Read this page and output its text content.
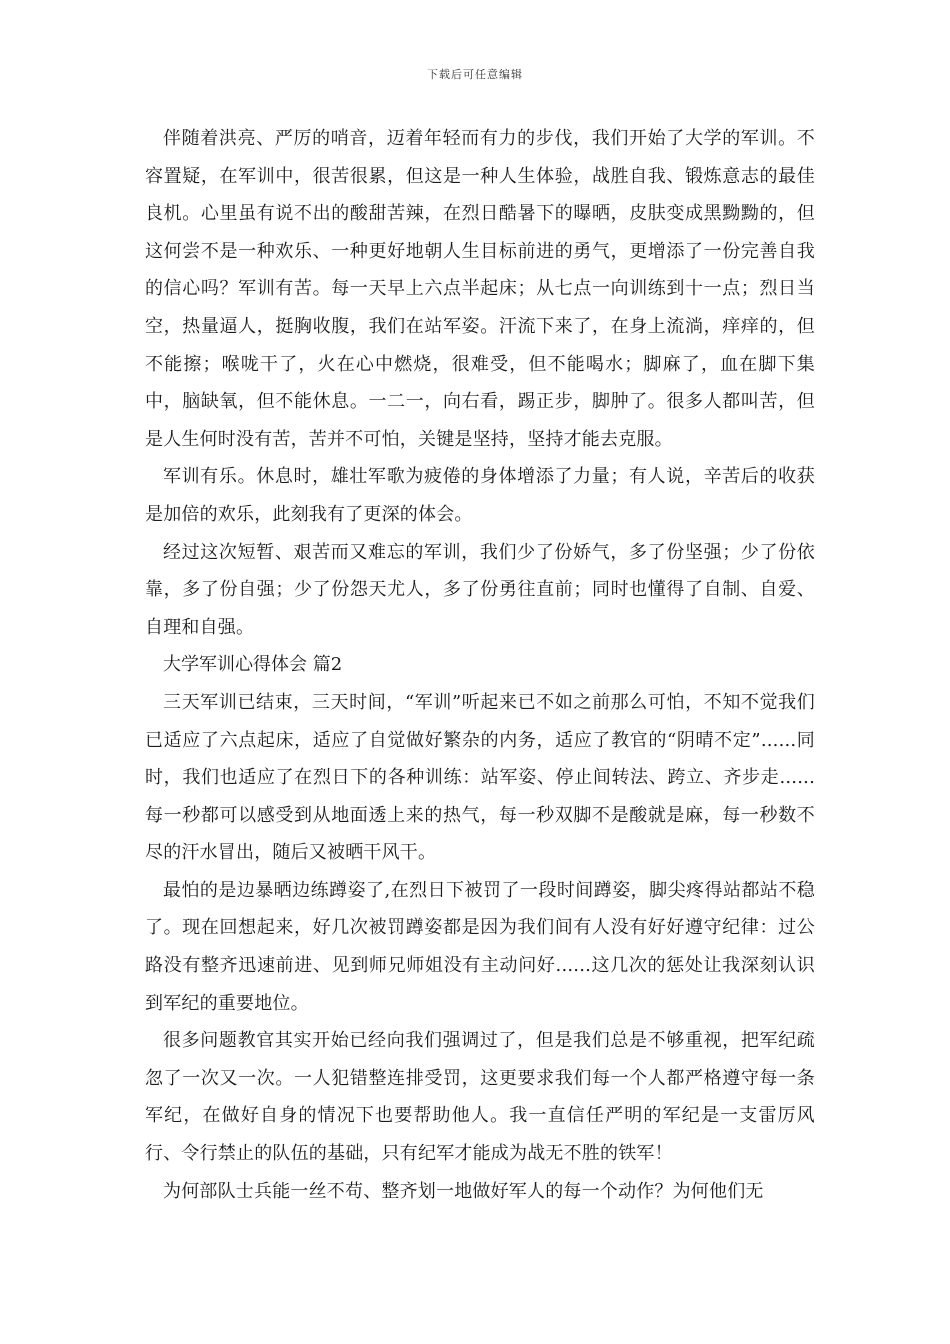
下载后可任意编辑

伴随着洪亮、严厉的哨音，迈着年轻而有力的步伐，我们开始了大学的军训。不容置疑，在军训中，很苦很累，但这是一种人生体验，战胜自我、锻炼意志的最佳良机。心里虽有说不出的酸甜苦辣，在烈日酷暑下的曝晒，皮肤变成黑黝黝的，但这何尝不是一种欢乐、一种更好地朝人生目标前进的勇气，更增添了一份完善自我的信心吗？军训有苦。每一天早上六点半起床；从七点一向训练到十一点；烈日当空，热量逼人，挺胸收腹，我们在站军姿。汗流下来了，在身上流淌，痒痒的，但不能擦；喉咙干了，火在心中燃烧，很难受，但不能喝水；脚麻了，血在脚下集中，脑缺氧，但不能休息。一二一，向右看，踢正步，脚肿了。很多人都叫苦，但是人生何时没有苦，苦并不可怕，关键是坚持，坚持才能去克服。

军训有乐。休息时，雄壮军歌为疲倦的身体增添了力量；有人说，辛苦后的收获是加倍的欢乐，此刻我有了更深的体会。

经过这次短暂、艰苦而又难忘的军训，我们少了份娇气，多了份坚强；少了份依靠，多了份自强；少了份怨天尤人，多了份勇往直前；同时也懂得了自制、自爱、自理和自强。

大学军训心得体会 篇2

三天军训已结束，三天时间，“军训”听起来已不如之前那么可怕，不知不觉我们已适应了六点起床，适应了自觉做好繁杂的内务，适应了教官的“阴晴不定”......同时，我们也适应了在烈日下的各种训练：站军姿、停止间转法、跨立、齐步走......每一秒都可以感受到从地面透上来的热气，每一秒双脚不是酸就是麻，每一秒数不尽的汗水冒出，随后又被晒干风干。

最怕的是边暴晒边练蹲姿了,在烈日下被罚了一段时间蹲姿，脚尖疼得站都站不稳了。现在回想起来，好几次被罚蹲姿都是因为我们间有人没有好好遵守纪律：过公路没有整齐迅速前进、见到师兄师姐没有主动问好......这几次的惩处让我深刻认识到军纪的重要地位。

很多问题教官其实开始已经向我们强调过了，但是我们总是不够重视，把军纪疏忽了一次又一次。一人犯错整连排受罚，这更要求我们每一个人都严格遵守每一条军纪，在做好自身的情况下也要帮助他人。我一直信任严明的军纪是一支雷厉风行、令行禁止的队伍的基础，只有纪军才能成为战无不胜的铁军！

为何部队士兵能一丝不苟、整齐划一地做好军人的每一个动作？为何他们无
